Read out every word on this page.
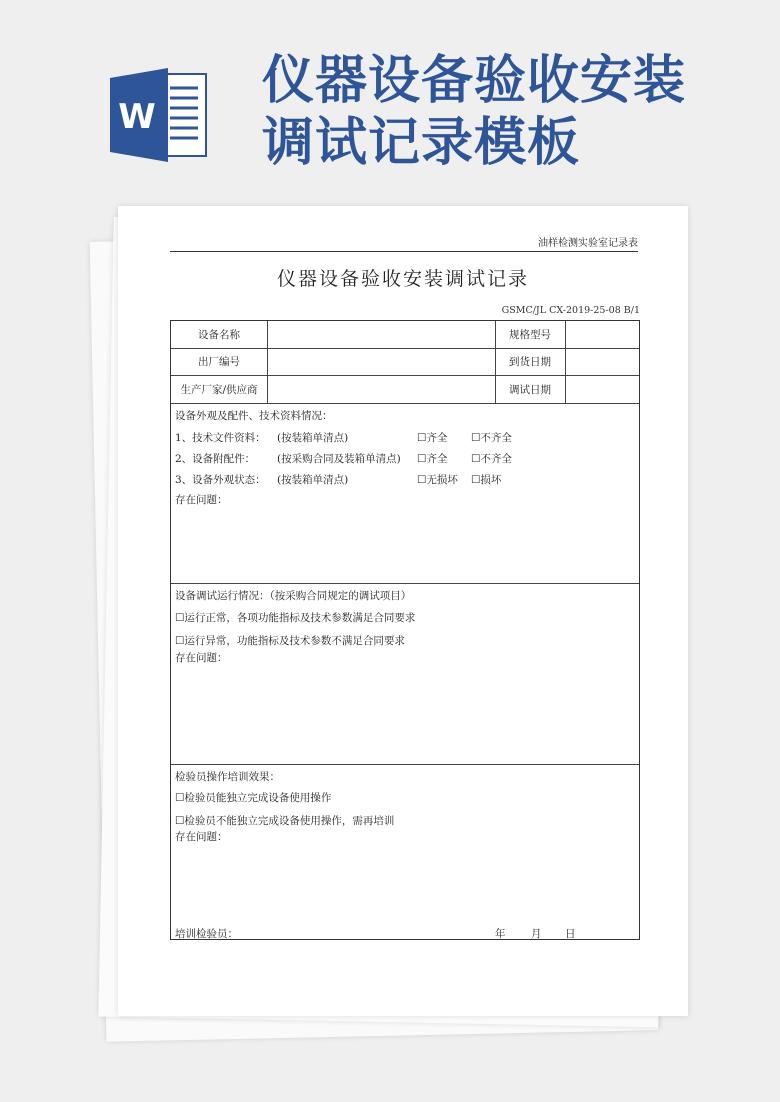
W
仪器设备验收安装
调试记录模板
油样检测实验室记录表
仪器设备验收安装调试记录
GSMC/JL CX-2019-25-08 B/1
设备名称	规格型号
出厂编号	到货日期
生产厂家/供应商	调试日期
设备外观及配件、技术资料情况：
1、技术文件资料： (按装箱单清点)	☐齐全 ☐不齐全
2、设备附配件： (按采购合同及装箱单清点) ☐齐全 ☐不齐全
3、设备外观状态： (按装箱单清点)	☐无损坏 ☐损坏
存在问题：
设备调试运行情况：（按采购合同规定的调试项目）
☐运行正常，各项功能指标及技术参数满足合同要求
☐运行异常，功能指标及技术参数不满足合同要求
存在问题：
检验员操作培训效果：
☐检验员能独立完成设备使用操作
☐检验员不能独立完成设备使用操作，需再培训
存在问题：
培训检验员：	年 月 日
